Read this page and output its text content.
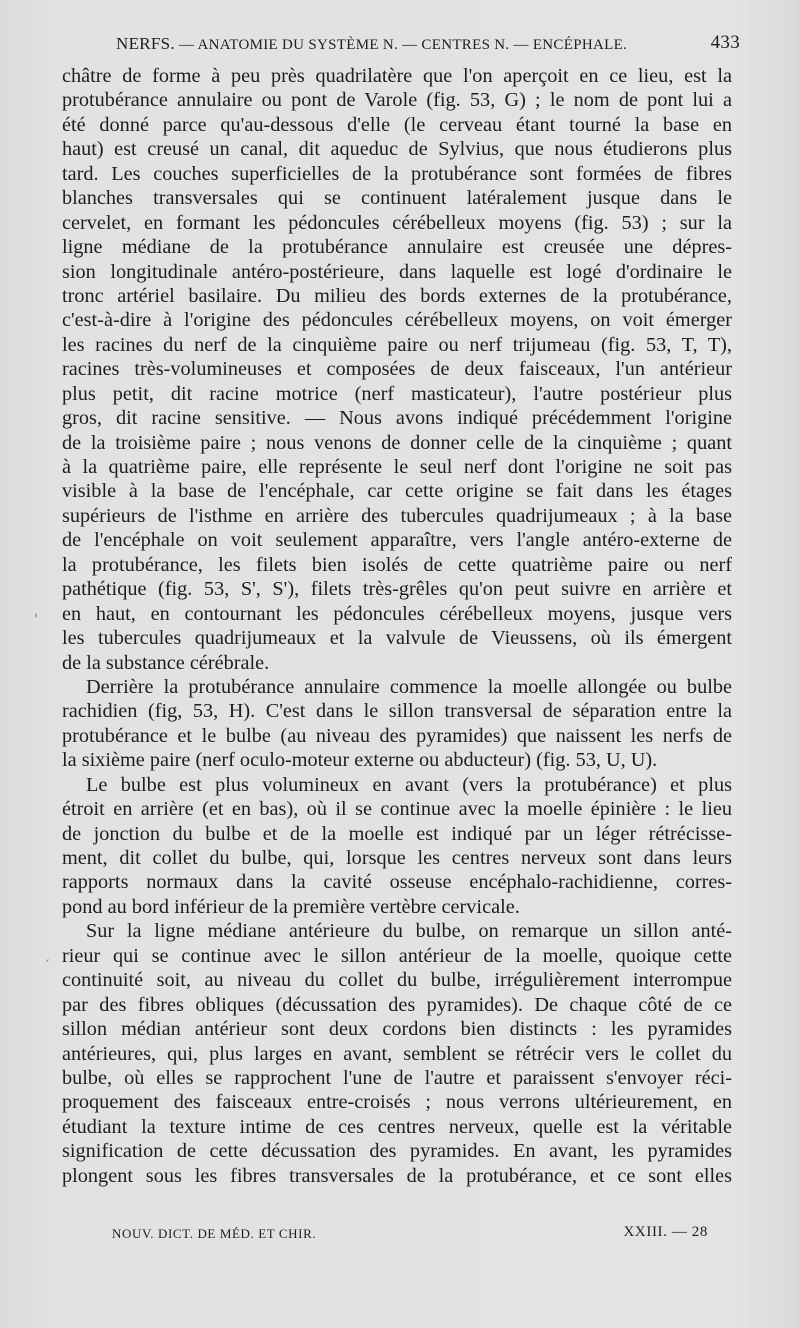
NERFS. — ANATOMIE DU SYSTÈME N. — CENTRES N. — ENCÉPHALE.	433
châtre de forme à peu près quadrilatère que l'on aperçoit en ce lieu, est la
protubérance annulaire ou pont de Varole (fig. 53, G) ; le nom de pont lui a
été donné parce qu'au-dessous d'elle (le cerveau étant tourné la base en
haut) est creusé un canal, dit aqueduc de Sylvius, que nous étudierons plus
tard. Les couches superficielles de la protubérance sont formées de fibres
blanches transversales qui se continuent latéralement jusque dans le
cervelet, en formant les pédoncules cérébelleux moyens (fig. 53) ; sur la
ligne médiane de la protubérance annulaire est creusée une dépres-
sion longitudinale antéro-postérieure, dans laquelle est logé d'ordinaire le
tronc artériel basilaire. Du milieu des bords externes de la protubérance,
c'est-à-dire à l'origine des pédoncules cérébelleux moyens, on voit émerger
les racines du nerf de la cinquième paire ou nerf trijumeau (fig. 53, T, T),
racines très-volumineuses et composées de deux faisceaux, l'un antérieur
plus petit, dit racine motrice (nerf masticateur), l'autre postérieur plus
gros, dit racine sensitive. — Nous avons indiqué précédemment l'origine
de la troisième paire ; nous venons de donner celle de la cinquième ; quant
à la quatrième paire, elle représente le seul nerf dont l'origine ne soit pas
visible à la base de l'encéphale, car cette origine se fait dans les étages
supérieurs de l'isthme en arrière des tubercules quadrijumeaux ; à la base
de l'encéphale on voit seulement apparaître, vers l'angle antéro-externe de
la protubérance, les filets bien isolés de cette quatrième paire ou nerf
pathétique (fig. 53, S', S'), filets très-grêles qu'on peut suivre en arrière et
en haut, en contournant les pédoncules cérébelleux moyens, jusque vers
les tubercules quadrijumeaux et la valvule de Vieussens, où ils émergent
de la substance cérébrale.
Derrière la protubérance annulaire commence la moelle allongée ou bulbe
rachidien (fig, 53, H). C'est dans le sillon transversal de séparation entre la
protubérance et le bulbe (au niveau des pyramides) que naissent les nerfs de
la sixième paire (nerf oculo-moteur externe ou abducteur) (fig. 53, U, U).
Le bulbe est plus volumineux en avant (vers la protubérance) et plus
étroit en arrière (et en bas), où il se continue avec la moelle épinière : le lieu
de jonction du bulbe et de la moelle est indiqué par un léger rétrécisse-
ment, dit collet du bulbe, qui, lorsque les centres nerveux sont dans leurs
rapports normaux dans la cavité osseuse encéphalo-rachidienne, corres-
pond au bord inférieur de la première vertèbre cervicale.
Sur la ligne médiane antérieure du bulbe, on remarque un sillon anté-
rieur qui se continue avec le sillon antérieur de la moelle, quoique cette
continuité soit, au niveau du collet du bulbe, irrégulièrement interrompue
par des fibres obliques (décussation des pyramides). De chaque côté de ce
sillon médian antérieur sont deux cordons bien distincts : les pyramides
antérieures, qui, plus larges en avant, semblent se rétrécir vers le collet du
bulbe, où elles se rapprochent l'une de l'autre et paraissent s'envoyer réci-
proquement des faisceaux entre-croisés ; nous verrons ultérieurement, en
étudiant la texture intime de ces centres nerveux, quelle est la véritable
signification de cette décussation des pyramides. En avant, les pyramides
plongent sous les fibres transversales de la protubérance, et ce sont elles
'
′
NOUV. DICT. DE MÉD. ET CHIR.	XXIII. — 28
